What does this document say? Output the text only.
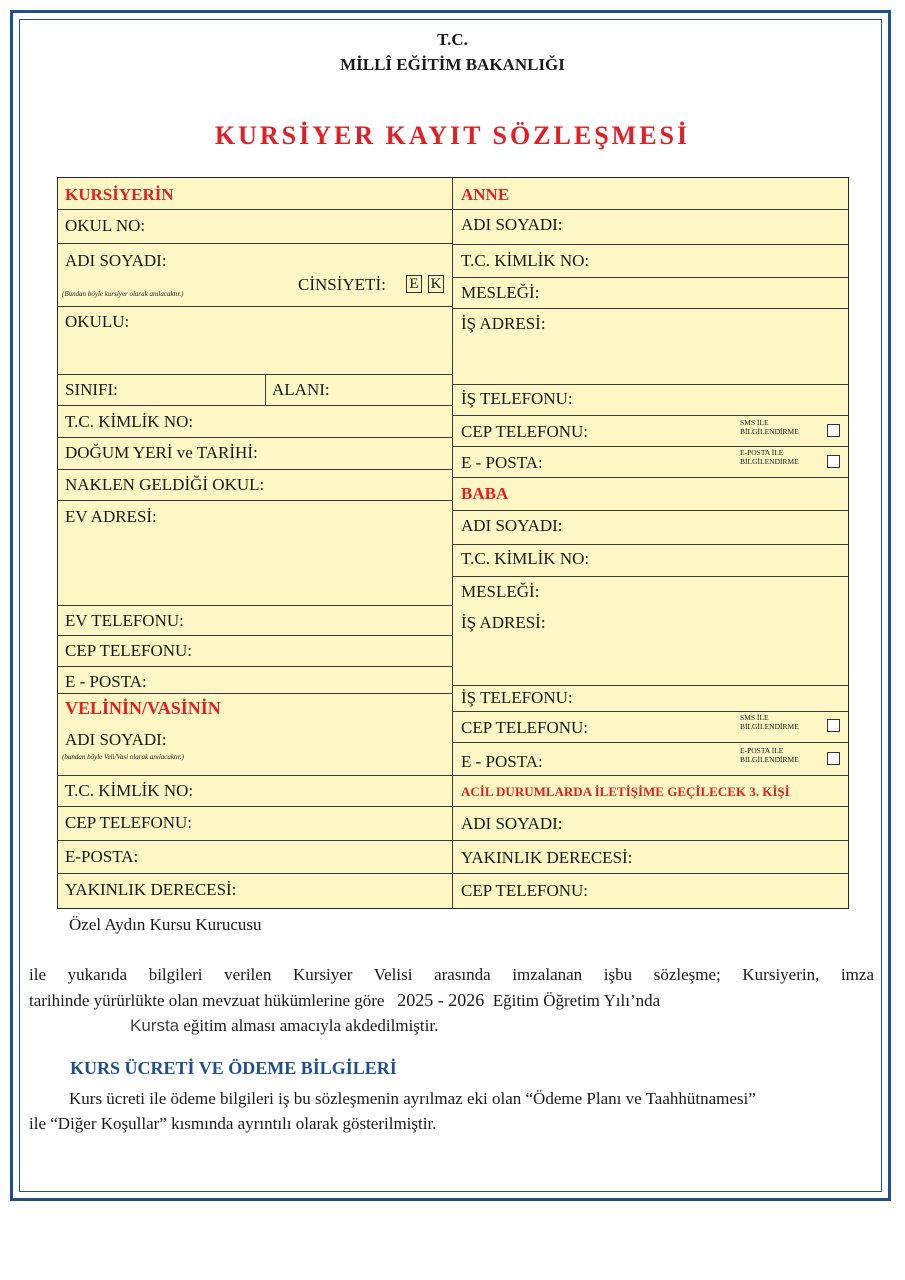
T.C.
MİLLÎ EĞİTİM BAKANLIĞI
KURSİYER KAYIT SÖZLEŞMESİ
KURSİYERİN
OKUL NO:
ADI SOYADI:
(Bundan böyle kursiyer olarak anılacaktır.)	CİNSİYETİ: E K
OKULU:
SINIFI:	ALANI:
T.C. KİMLİK NO:
DOĞUM YERİ ve TARİHİ:
NAKLEN GELDİĞİ OKUL:
EV ADRESİ:
EV TELEFONU:
CEP TELEFONU:
E - POSTA:
VELİNİN/VASİNİN
ADI SOYADI:
(bundan böyle Veli/Vasi olarak anılacaktır.)
T.C. KİMLİK NO:
CEP TELEFONU:
E-POSTA:
YAKINLIK DERECESİ:
ANNE
ADI SOYADI:
T.C. KİMLİK NO:
MESLEĞİ:
İŞ ADRESİ:
İŞ TELEFONU:
CEP TELEFONU:	SMS İLE
BİLGİLENDİRME
E - POSTA:
E-POSTA İLE
BİLGİLENDİRME
BABA
ADI SOYADI:
T.C. KİMLİK NO:
MESLEĞİ:
İŞ ADRESİ:
İŞ TELEFONU:
CEP TELEFONU:
SMS İLE
BİLGİLENDİRME
E - POSTA:
E-POSTA İLE
BİLGİLENDİRME
ACİL DURUMLARDA İLETİŞİME GEÇİLECEK 3. KİŞİ
ADI SOYADI:
YAKINLIK DERECESİ:
CEP TELEFONU:
Özel Aydın Kursu Kurucusu
ile yukarıda bilgileri verilen Kursiyer Velisi arasında imzalanan işbu sözleşme; Kursiyerin, imza
tarihinde yürürlükte olan mevzuat hükümlerine göre 2025 - 2026 Eğitim Öğretim Yılı’nda
Kursta eğitim alması amacıyla akdedilmiştir.
KURS ÜCRETİ VE ÖDEME BİLGİLERİ
Kurs ücreti ile ödeme bilgileri iş bu sözleşmenin ayrılmaz eki olan “Ödeme Planı ve Taahhütnamesi”
ile “Diğer Koşullar” kısmında ayrıntılı olarak gösterilmiştir.
